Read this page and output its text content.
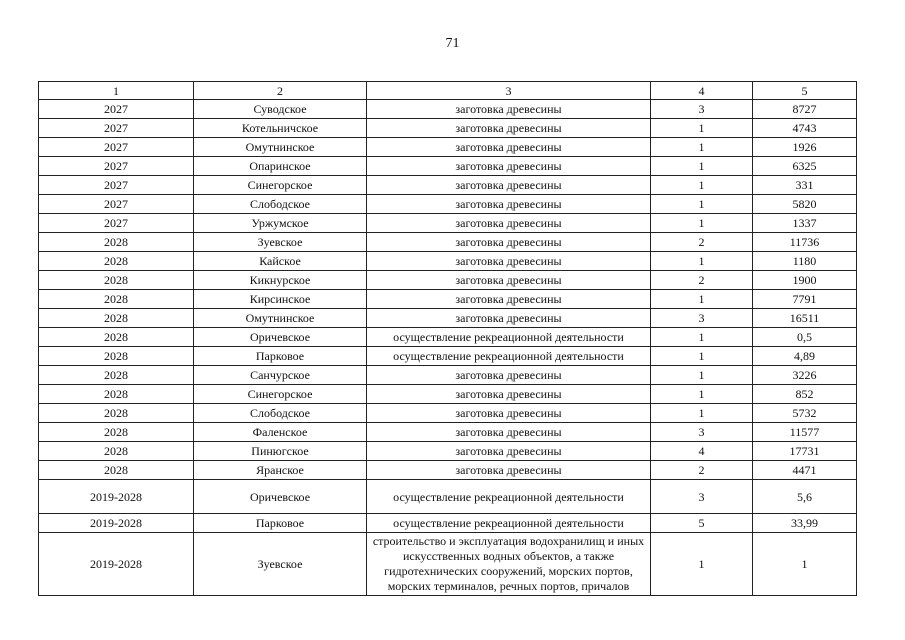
71
1	2	3	4	5
2027	Суводское	заготовка древесины	3	8727
2027	Котельничское	заготовка древесины	1	4743
2027	Омутнинское	заготовка древесины	1	1926
2027	Опаринское	заготовка древесины	1	6325
2027	Синегорское	заготовка древесины	1	331
2027	Слободское	заготовка древесины	1	5820
2027	Уржумское	заготовка древесины	1	1337
2028	Зуевское	заготовка древесины	2	11736
2028	Кайское	заготовка древесины	1	1180
2028	Кикнурское	заготовка древесины	2	1900
2028	Кирсинское	заготовка древесины	1	7791
2028	Омутнинское	заготовка древесины	3	16511
2028	Оричевское	осуществление рекреационной деятельности	1	0,5
2028	Парковое	осуществление рекреационной деятельности	1	4,89
2028	Санчурское	заготовка древесины	1	3226
2028	Синегорское	заготовка древесины	1	852
2028	Слободское	заготовка древесины	1	5732
2028	Фаленское	заготовка древесины	3	11577
2028	Пинюгское	заготовка древесины	4	17731
2028	Яранское	заготовка древесины	2	4471
2019-2028	Оричевское	осуществление рекреационной деятельности	3	5,6
2019-2028	Парковое	осуществление рекреационной деятельности	5	33,99
2019-2028	Зуевское	строительство и эксплуатация водохранилищ и иных искусственных водных объектов, а также гидротехнических сооружений, морских портов, морских терминалов, речных портов, причалов	1	1
